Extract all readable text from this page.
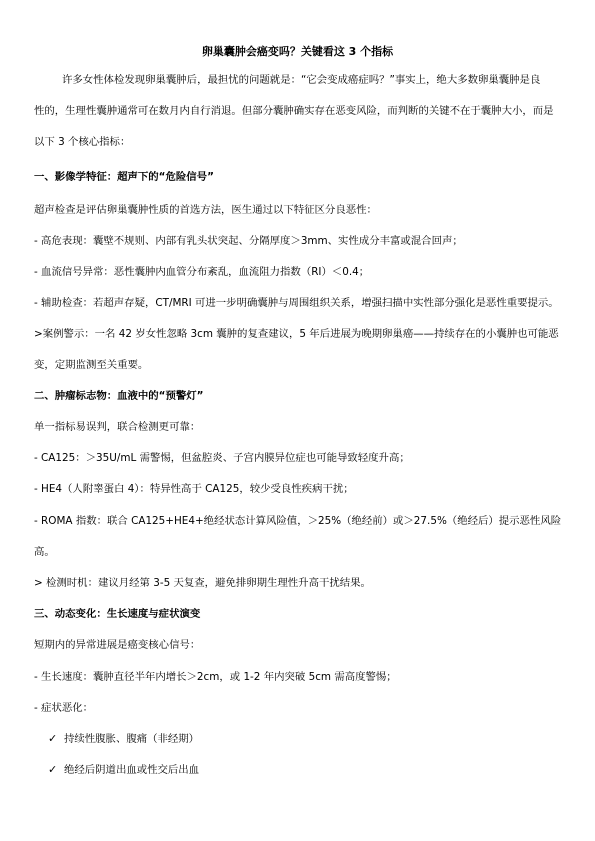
卵巢囊肿会癌变吗？关键看这 3 个指标
许多女性体检发现卵巢囊肿后，最担忧的问题就是：“它会变成癌症吗？”事实上，绝大多数卵巢囊肿是良
性的，生理性囊肿通常可在数月内自行消退。但部分囊肿确实存在恶变风险，而判断的关键不在于囊肿大小，而是
以下 3 个核心指标：
一、影像学特征：超声下的“危险信号”
超声检查是评估卵巢囊肿性质的首选方法，医生通过以下特征区分良恶性：
- 高危表现：囊壁不规则、内部有乳头状突起、分隔厚度＞3mm、实性成分丰富或混合回声；
- 血流信号异常：恶性囊肿内血管分布紊乱，血流阻力指数（RI）＜0.4；
- 辅助检查：若超声存疑，CT/MRI 可进一步明确囊肿与周围组织关系，增强扫描中实性部分强化是恶性重要提示。
>案例警示：一名 42 岁女性忽略 3cm 囊肿的复查建议，5 年后进展为晚期卵巢癌——持续存在的小囊肿也可能恶
变，定期监测至关重要。
二、肿瘤标志物：血液中的“预警灯”
单一指标易误判，联合检测更可靠：
- CA125：＞35U/mL 需警惕，但盆腔炎、子宫内膜异位症也可能导致轻度升高；
- HE4（人附睾蛋白 4）：特异性高于 CA125，较少受良性疾病干扰；
- ROMA 指数：联合 CA125+HE4+绝经状态计算风险值，＞25%（绝经前）或＞27.5%（绝经后）提示恶性风险
高。
> 检测时机：建议月经第 3-5 天复查，避免排卵期生理性升高干扰结果。
三、动态变化：生长速度与症状演变
短期内的异常进展是癌变核心信号：
- 生长速度：囊肿直径半年内增长＞2cm，或 1-2 年内突破 5cm 需高度警惕；
- 症状恶化：
✓ 持续性腹胀、腹痛（非经期）
✓ 绝经后阴道出血或性交后出血
